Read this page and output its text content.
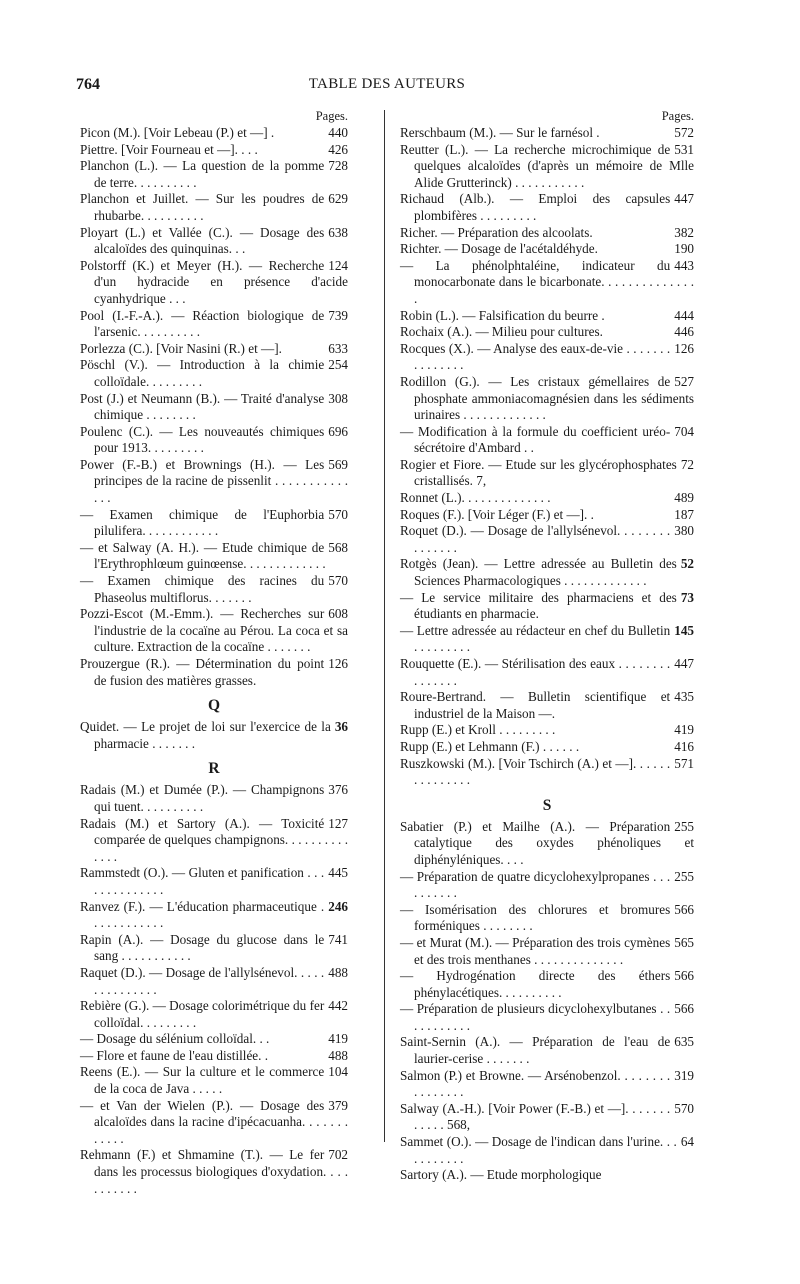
764	TABLE DES AUTEURS
Pages.
440
Picon (M.). [Voir Lebeau (P.) et —] .
426
Piettre. [Voir Fourneau et —]. . . .
728
Planchon (L.). — La question de la pomme de terre. . . . . . . . . .
629
Planchon et Juillet. — Sur les poudres de rhubarbe. . . . . . . . . .
638
Ployart (L.) et Vallée (C.). — Dosage des alcaloïdes des quinquinas. . .
124
Polstorff (K.) et Meyer (H.). — Recherche d'un hydracide en présence d'acide cyanhydrique . . .
739
Pool (I.-F.-A.). — Réaction biologique de l'arsenic. . . . . . . . . .
633
Porlezza (C.). [Voir Nasini (R.) et —].
254
Pöschl (V.). — Introduction à la chimie colloïdale. . . . . . . . .
308
Post (J.) et Neumann (B.). — Traité d'analyse chimique . . . . . . . .
696
Poulenc (C.). — Les nouveautés chimiques pour 1913. . . . . . . . .
569
Power (F.-B.) et Brownings (H.). — Les principes de la racine de pissenlit . . . . . . . . . . . . . .
570
— Examen chimique de l'Euphorbia pilulifera. . . . . . . . . . . .
568
— et Salway (A. H.). — Etude chimique de l'Erythrophlœum guinœense. . . . . . . . . . . . .
570
— Examen chimique des racines du Phaseolus multiflorus. . . . . . .
608
Pozzi-Escot (M.-Emm.). — Recherches sur l'industrie de la cocaïne au Pérou. La coca et sa culture. Extraction de la cocaïne . . . . . . .
126
Prouzergue (R.). — Détermination du point de fusion des matières grasses.
Q
36
Quidet. — Le projet de loi sur l'exercice de la pharmacie . . . . . . .
R
376
Radais (M.) et Dumée (P.). — Champignons qui tuent. . . . . . . . . .
127
Radais (M.) et Sartory (A.). — Toxicité comparée de quelques champignons. . . . . . . . . . . . . .
445
Rammstedt (O.). — Gluten et panification . . . . . . . . . . . . . .
246
Ranvez (F.). — L'éducation pharmaceutique . . . . . . . . . . . .
741
Rapin (A.). — Dosage du glucose dans le sang . . . . . . . . . . .
488
Raquet (D.). — Dosage de l'allylsénevol. . . . . . . . . . . . . . .
442
Rebière (G.). — Dosage colorimétrique du fer colloïdal. . . . . . . . .
419
— Dosage du sélénium colloïdal. . .
488
— Flore et faune de l'eau distillée. .
104
Reens (E.). — Sur la culture et le commerce de la coca de Java . . . . .
379
— et Van der Wielen (P.). — Dosage des alcaloïdes dans la racine d'ipécacuanha. . . . . . . . . . . .
702
Rehmann (F.) et Shmamine (T.). — Le fer dans les processus biologiques d'oxydation. . . . . . . . . . .
Pages.
572
Rerschbaum (M.). — Sur le farnésol .
531
Reutter (L.). — La recherche microchimique de quelques alcaloïdes (d'après un mémoire de Mlle Alide Grutterinck) . . . . . . . . . . .
447
Richaud (Alb.). — Emploi des capsules plombifères . . . . . . . . .
382
Richer. — Préparation des alcoolats.
190
Richter. — Dosage de l'acétaldéhyde.
443
— La phénolphtaléine, indicateur du monocarbonate dans le bicarbonate. . . . . . . . . . . . . . .
444
Robin (L.). — Falsification du beurre .
446
Rochaix (A.). — Milieu pour cultures.
126
Rocques (X.). — Analyse des eaux-de-vie . . . . . . . . . . . . . . .
527
Rodillon (G.). — Les cristaux gémellaires de phosphate ammoniacomagnésien dans les sédiments urinaires . . . . . . . . . . . . .
704
— Modification à la formule du coefficient uréo-sécrétoire d'Ambard . .
72
Rogier et Fiore. — Etude sur les glycérophosphates cristallisés. 7,
489
Ronnet (L.). . . . . . . . . . . . . .
187
Roques (F.). [Voir Léger (F.) et —]. .
380
Roquet (D.). — Dosage de l'allylsénevol. . . . . . . . . . . . . . .
52
Rotgès (Jean). — Lettre adressée au Bulletin des Sciences Pharmacologiques . . . . . . . . . . . . .
73
— Le service militaire des pharmaciens et des étudiants en pharmacie.
145
— Lettre adressée au rédacteur en chef du Bulletin . . . . . . . . .
447
Rouquette (E.). — Stérilisation des eaux . . . . . . . . . . . . . . .
435
Roure-Bertrand. — Bulletin scientifique et industriel de la Maison —.
419
Rupp (E.) et Kroll . . . . . . . . .
416
Rupp (E.) et Lehmann (F.) . . . . . .
571
Ruszkowski (M.). [Voir Tschirch (A.) et —]. . . . . . . . . . . . . . .
S
255
Sabatier (P.) et Mailhe (A.). — Préparation catalytique des oxydes phénoliques et diphényléniques. . . .
255
— Préparation de quatre dicyclohexylpropanes . . . . . . . . . .
566
— Isomérisation des chlorures et bromures forméniques . . . . . . . .
565
— et Murat (M.). — Préparation des trois cymènes et des trois menthanes . . . . . . . . . . . . . .
566
— Hydrogénation directe des éthers phénylacétiques. . . . . . . . . .
566
— Préparation de plusieurs dicyclohexylbutanes . . . . . . . . . . .
635
Saint-Sernin (A.). — Préparation de l'eau de laurier-cerise . . . . . . .
319
Salmon (P.) et Browne. — Arsénobenzol. . . . . . . . . . . . . . . .
570
Salway (A.-H.). [Voir Power (F.-B.) et —]. . . . . . . . . . . . 568,
64
Sammet (O.). — Dosage de l'indican dans l'urine. . . . . . . . . . .
Sartory (A.). — Etude morphologique
